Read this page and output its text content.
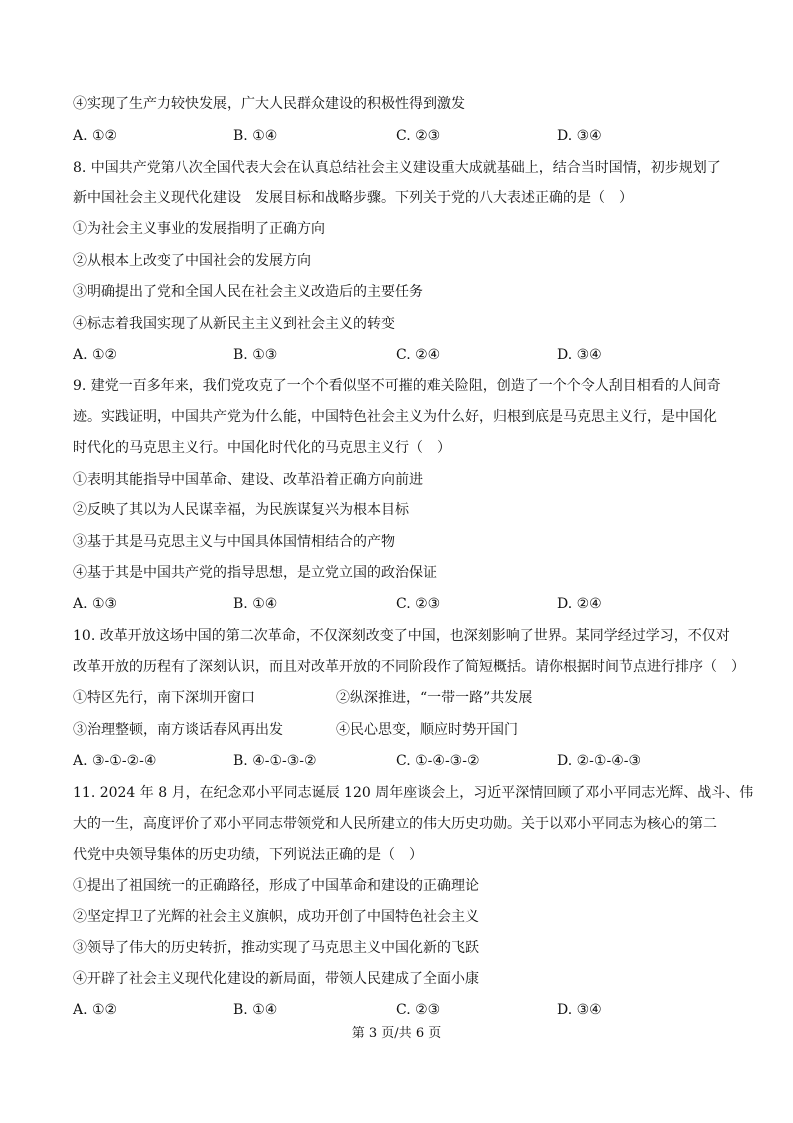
④实现了生产力较快发展，广大人民群众建设的积极性得到激发
A. ①②	B. ①④	C. ②③	D. ③④
8. 中国共产党第八次全国代表大会在认真总结社会主义建设重大成就基础上，结合当时国情，初步规划了
新中国社会主义现代化建设　发展目标和战略步骤。下列关于党的八大表述正确的是（　）
①为社会主义事业的发展指明了正确方向
②从根本上改变了中国社会的发展方向
③明确提出了党和全国人民在社会主义改造后的主要任务
④标志着我国实现了从新民主主义到社会主义的转变
A. ①②	B. ①③	C. ②④	D. ③④
9. 建党一百多年来，我们党攻克了一个个看似坚不可摧的难关险阻，创造了一个个令人刮目相看的人间奇
迹。实践证明，中国共产党为什么能，中国特色社会主义为什么好，归根到底是马克思主义行，是中国化
时代化的马克思主义行。中国化时代化的马克思主义行（　）
①表明其能指导中国革命、建设、改革沿着正确方向前进
②反映了其以为人民谋幸福，为民族谋复兴为根本目标
③基于其是马克思主义与中国具体国情相结合的产物
④基于其是中国共产党的指导思想，是立党立国的政治保证
A. ①③	B. ①④	C. ②③	D. ②④
10. 改革开放这场中国的第二次革命，不仅深刻改变了中国，也深刻影响了世界。某同学经过学习，不仅对
改革开放的历程有了深刻认识，而且对改革开放的不同阶段作了简短概括。请你根据时间节点进行排序（　）
①特区先行，南下深圳开窗口	②纵深推进，“一带一路”共发展
③治理整顿，南方谈话春风再出发	④民心思变，顺应时势开国门
A. ③-①-②-④	B. ④-①-③-②	C. ①-④-③-②	D. ②-①-④-③
11. 2024 年 8 月，在纪念邓小平同志诞辰 120 周年座谈会上，习近平深情回顾了邓小平同志光辉、战斗、伟
大的一生，高度评价了邓小平同志带领党和人民所建立的伟大历史功勋。关于以邓小平同志为核心的第二
代党中央领导集体的历史功绩，下列说法正确的是（　）
①提出了祖国统一的正确路径，形成了中国革命和建设的正确理论
②坚定捍卫了光辉的社会主义旗帜，成功开创了中国特色社会主义
③领导了伟大的历史转折，推动实现了马克思主义中国化新的飞跃
④开辟了社会主义现代化建设的新局面，带领人民建成了全面小康
A. ①②	B. ①④	C. ②③	D. ③④
第 3 页/共 6 页
